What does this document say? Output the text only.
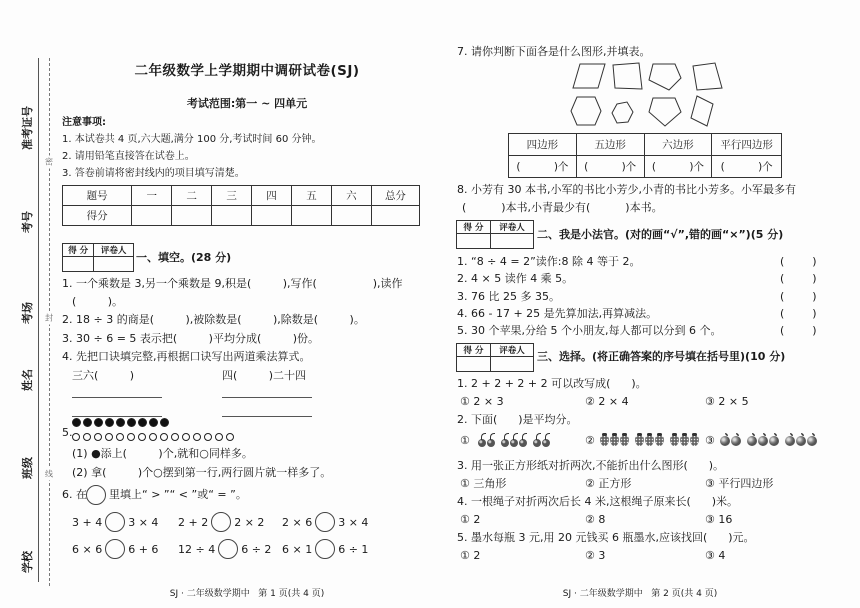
准考证号
考号
考场
姓名
班级
学校
密
封
线
二年级数学上学期期中调研试卷(SJ)
考试范围:第一 ~ 四单元
注意事项:
1. 本试卷共 4 页,六大题,满分 100 分,考试时间 60 分钟。
2. 请用铅笔直接答在试卷上。
3. 答卷前请将密封线内的项目填写清楚。
题号	一	二	三	四	五	六	总分
得分							
得 分	评卷人
	一、填空。(28 分)
1. 一个乘数是 3,另一个乘数是 9,积是(         ),写作(                ),读作
(         )。
2. 18 ÷ 3 的商是(         ),被除数是(         ),除数是(         )。
3. 30 ÷ 6 = 5 表示把(         )平均分成(         )份。
4. 先把口诀填完整,再根据口诀写出两道乘法算式。
三六(         )	四(         )二十四
5.
(1) ●添上(         )个,就和○同样多。
(2) 拿(         )个○摆到第一行,两行圆片就一样多了。
6. 在 里填上“ > ”“ < ”或“ = ”。
3 + 4 3 × 4 2 + 2 2 × 2 2 × 6 3 × 4
6 × 6 6 + 6 12 ÷ 4 6 ÷ 2 6 × 1 6 ÷ 1
SJ · 二年级数学期中   第 1 页(共 4 页)
7. 请你判断下面各是什么图形,并填表。
四边形	五边形	六边形	平行四边形
(          )个	(          )个	(          )个	(          )个
8. 小芳有 30 本书,小军的书比小芳少,小青的书比小芳多。小军最多有
(          )本书,小青最少有(          )本书。
得 分	评卷人
	二、我是小法官。(对的画“√”,错的画“×”)(5 分)
1. “8 ÷ 4 = 2”读作:8 除 4 等于 2。	(        )
2. 4 × 5 读作 4 乘 5。	(        )
3. 76 比 25 多 35。	(        )
4. 66 - 17 + 25 是先算加法,再算减法。	(        )
5. 30 个苹果,分给 5 个小朋友,每人都可以分到 6 个。	(        )
得 分	评卷人
	三、选择。(将正确答案的序号填在括号里)(10 分)
1. 2 + 2 + 2 + 2 可以改写成(      )。
① 2 × 3	② 2 × 4	③ 2 × 5
2. 下面(      )是平均分。
①	②	③
3. 用一张正方形纸对折两次,不能折出什么图形(      )。
① 三角形	② 正方形	③ 平行四边形
4. 一根绳子对折两次后长 4 米,这根绳子原来长(      )米。
① 2	② 8	③ 16
5. 墨水每瓶 3 元,用 20 元钱买 6 瓶墨水,应该找回(      )元。
① 2	② 3	③ 4
SJ · 二年级数学期中   第 2 页(共 4 页)
